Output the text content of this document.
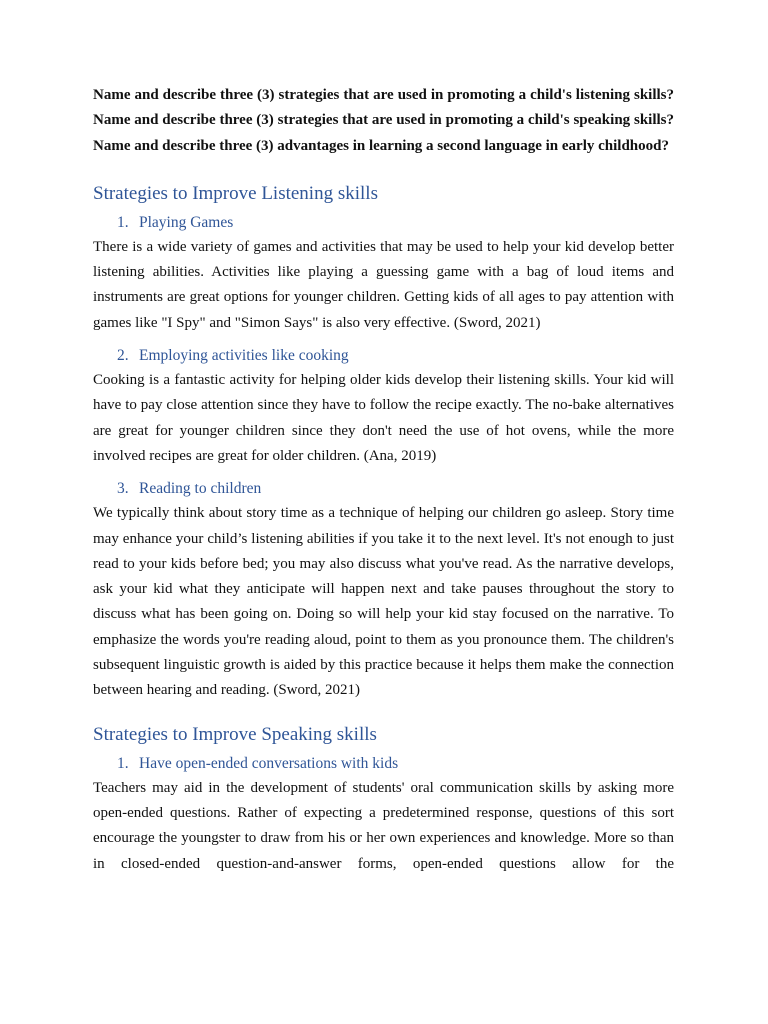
Name and describe three (3) strategies that are used in promoting a child's listening skills? Name and describe three (3) strategies that are used in promoting a child's speaking skills? Name and describe three (3) advantages in learning a second language in early childhood?

Strategies to Improve Listening skills
1. Playing Games

There is a wide variety of games and activities that may be used to help your kid develop better listening abilities. Activities like playing a guessing game with a bag of loud items and instruments are great options for younger children. Getting kids of all ages to pay attention with games like "I Spy" and "Simon Says" is also very effective. (Sword, 2021)

2. Employing activities like cooking

Cooking is a fantastic activity for helping older kids develop their listening skills. Your kid will have to pay close attention since they have to follow the recipe exactly. The no-bake alternatives are great for younger children since they don't need the use of hot ovens, while the more involved recipes are great for older children. (Ana, 2019)

3. Reading to children

We typically think about story time as a technique of helping our children go asleep. Story time may enhance your child’s listening abilities if you take it to the next level. It's not enough to just read to your kids before bed; you may also discuss what you've read. As the narrative develops, ask your kid what they anticipate will happen next and take pauses throughout the story to discuss what has been going on. Doing so will help your kid stay focused on the narrative. To emphasize the words you're reading aloud, point to them as you pronounce them. The children's subsequent linguistic growth is aided by this practice because it helps them make the connection between hearing and reading. (Sword, 2021)

Strategies to Improve Speaking skills
1. Have open-ended conversations with kids

Teachers may aid in the development of students' oral communication skills by asking more open-ended questions. Rather of expecting a predetermined response, questions of this sort encourage the youngster to draw from his or her own experiences and knowledge. More so than in closed-ended question-and-answer forms, open-ended questions allow for the
